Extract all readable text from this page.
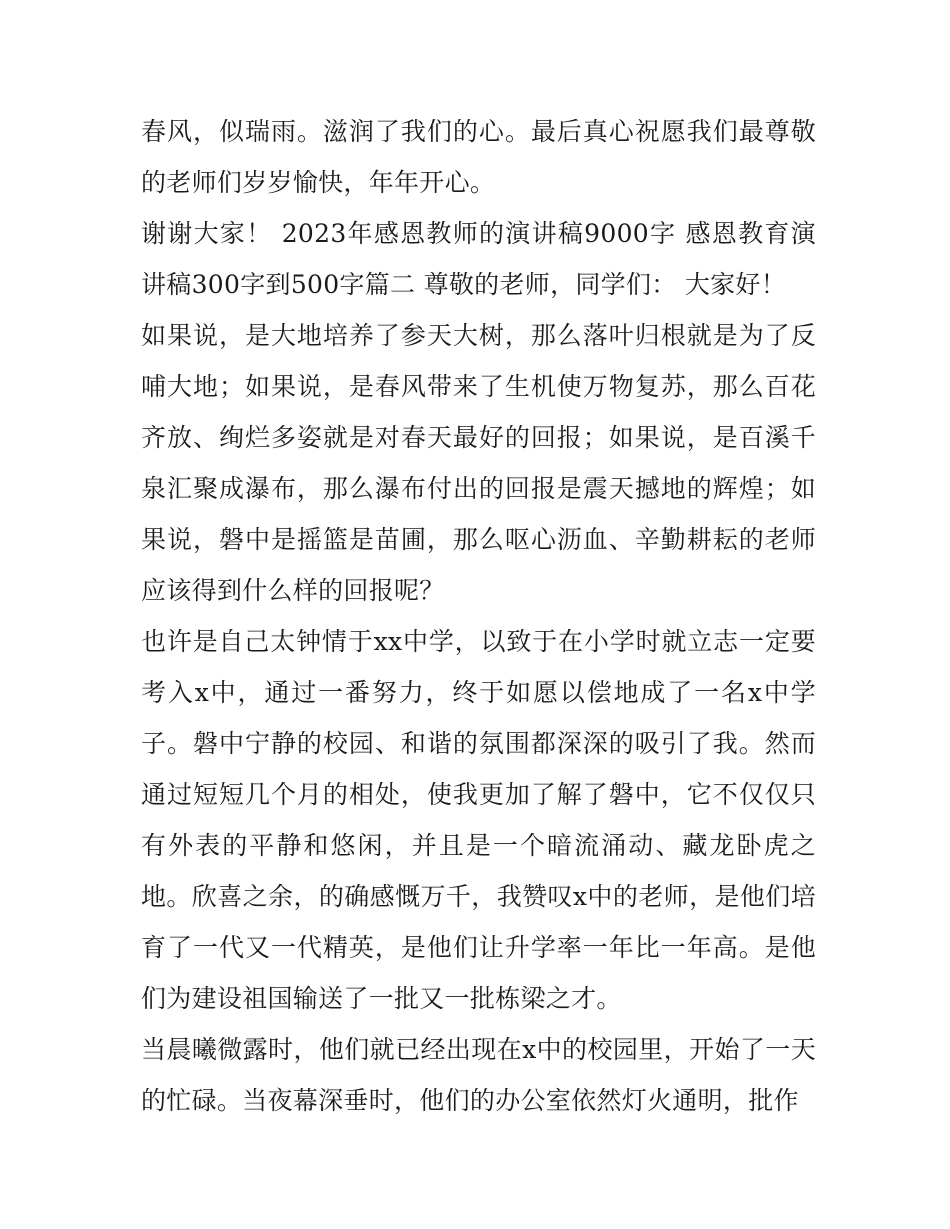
春风，似瑞雨。滋润了我们的心。最后真心祝愿我们最尊敬的老师们岁岁愉快，年年开心。

谢谢大家！ 2023年感恩教师的演讲稿9000字 感恩教育演讲稿300字到500字篇二 尊敬的老师，同学们： 大家好！

如果说，是大地培养了参天大树，那么落叶归根就是为了反哺大地；如果说，是春风带来了生机使万物复苏，那么百花齐放、绚烂多姿就是对春天最好的回报；如果说，是百溪千泉汇聚成瀑布，那么瀑布付出的回报是震天撼地的辉煌；如果说，磐中是摇篮是苗圃，那么呕心沥血、辛勤耕耘的老师应该得到什么样的回报呢？

也许是自己太钟情于xx中学，以致于在小学时就立志一定要考入x中，通过一番努力，终于如愿以偿地成了一名x中学子。磐中宁静的校园、和谐的氛围都深深的吸引了我。然而通过短短几个月的相处，使我更加了解了磐中，它不仅仅只有外表的平静和悠闲，并且是一个暗流涌动、藏龙卧虎之地。欣喜之余，的确感慨万千，我赞叹x中的老师，是他们培育了一代又一代精英，是他们让升学率一年比一年高。是他们为建设祖国输送了一批又一批栋梁之才。

当晨曦微露时，他们就已经出现在x中的校园里，开始了一天的忙碌。当夜幕深垂时，他们的办公室依然灯火通明，批作
